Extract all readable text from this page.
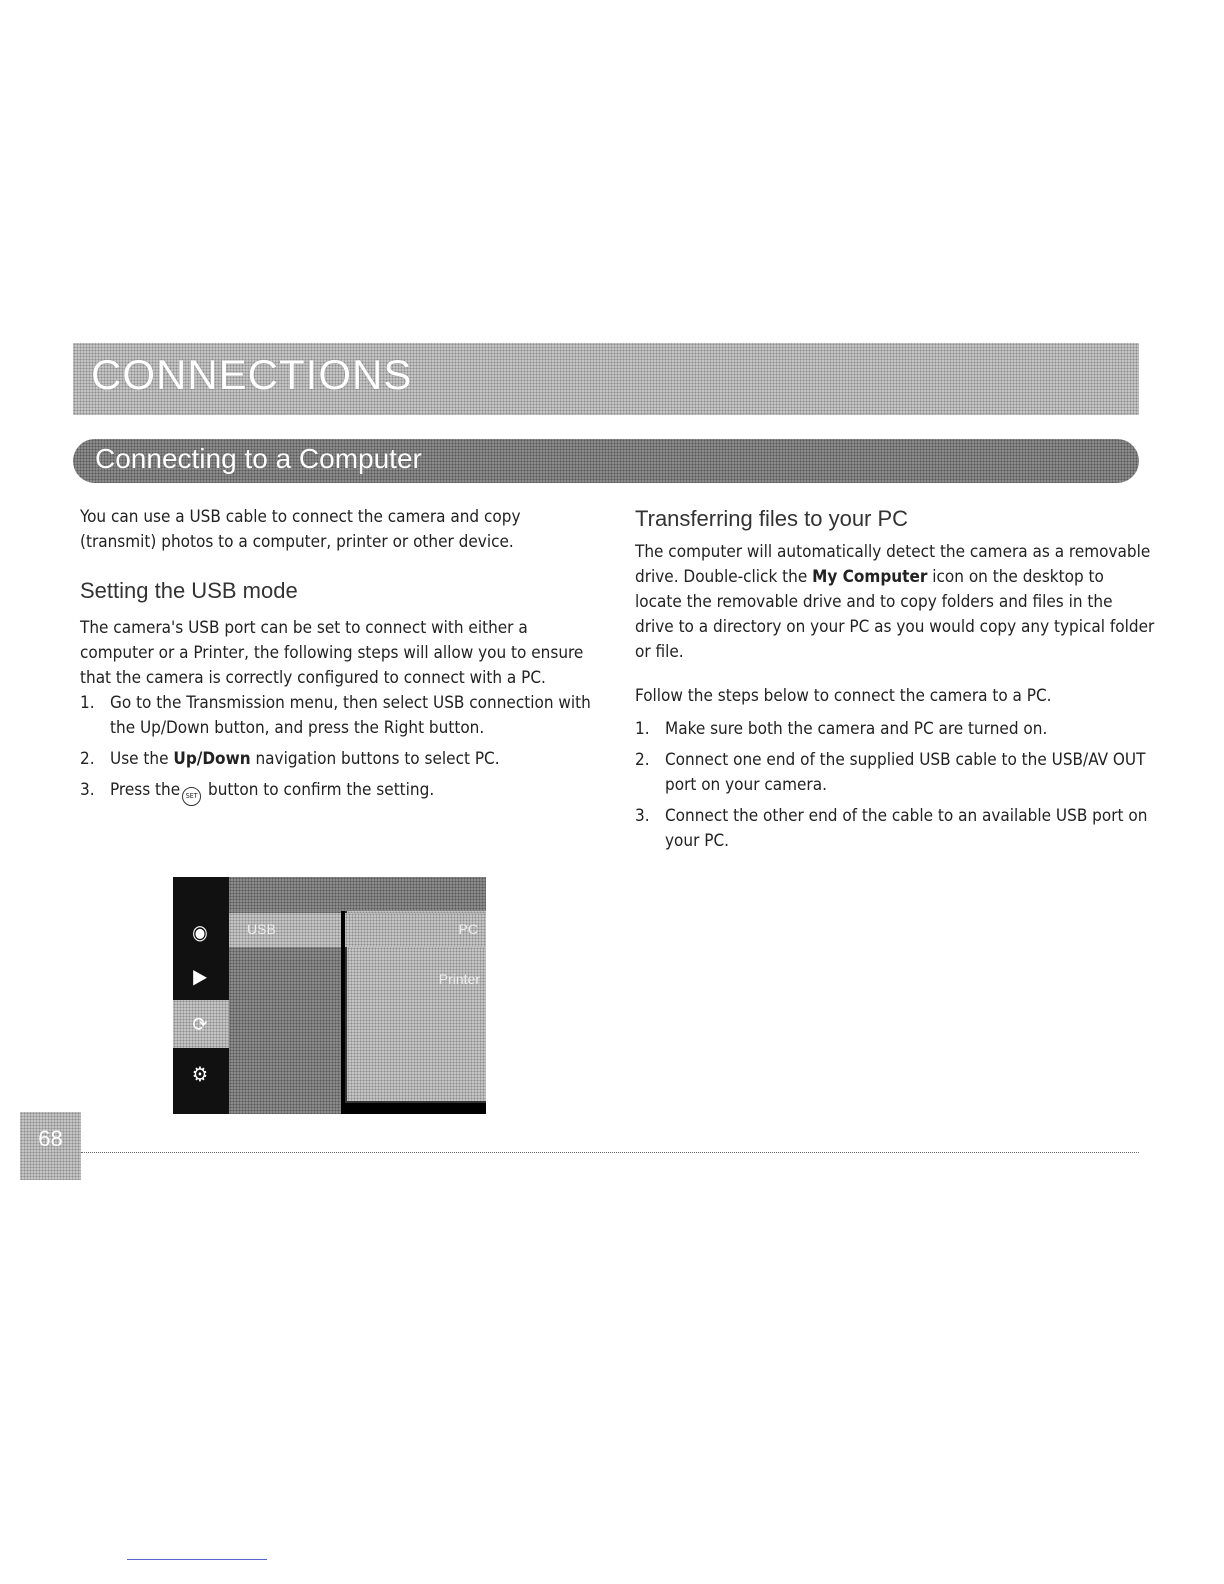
CONNECTIONS
Connecting to a Computer

You can use a USB cable to connect the camera and copy (transmit) photos to a computer, printer or other device.

Setting the USB mode

The camera's USB port can be set to connect with either a computer or a Printer, the following steps will allow you to ensure that the camera is correctly configured to connect with a PC.

1. Go to the Transmission menu, then select USB connection with the Up/Down button, and press the Right button.
2. Use the Up/Down navigation buttons to select PC.
3. Press the SET button to confirm the setting.
Transferring files to your PC

The computer will automatically detect the camera as a removable drive. Double-click the My Computer icon on the desktop to locate the removable drive and to copy folders and files in the drive to a directory on your PC as you would copy any typical folder or file.

Follow the steps below to connect the camera to a PC.

1. Make sure both the camera and PC are turned on.
2. Connect one end of the supplied USB cable to the USB/AV OUT port on your camera.
3. Connect the other end of the cable to an available USB port on your PC.
◉
▶
⟳
⚙
USB
Printer
PC
68
